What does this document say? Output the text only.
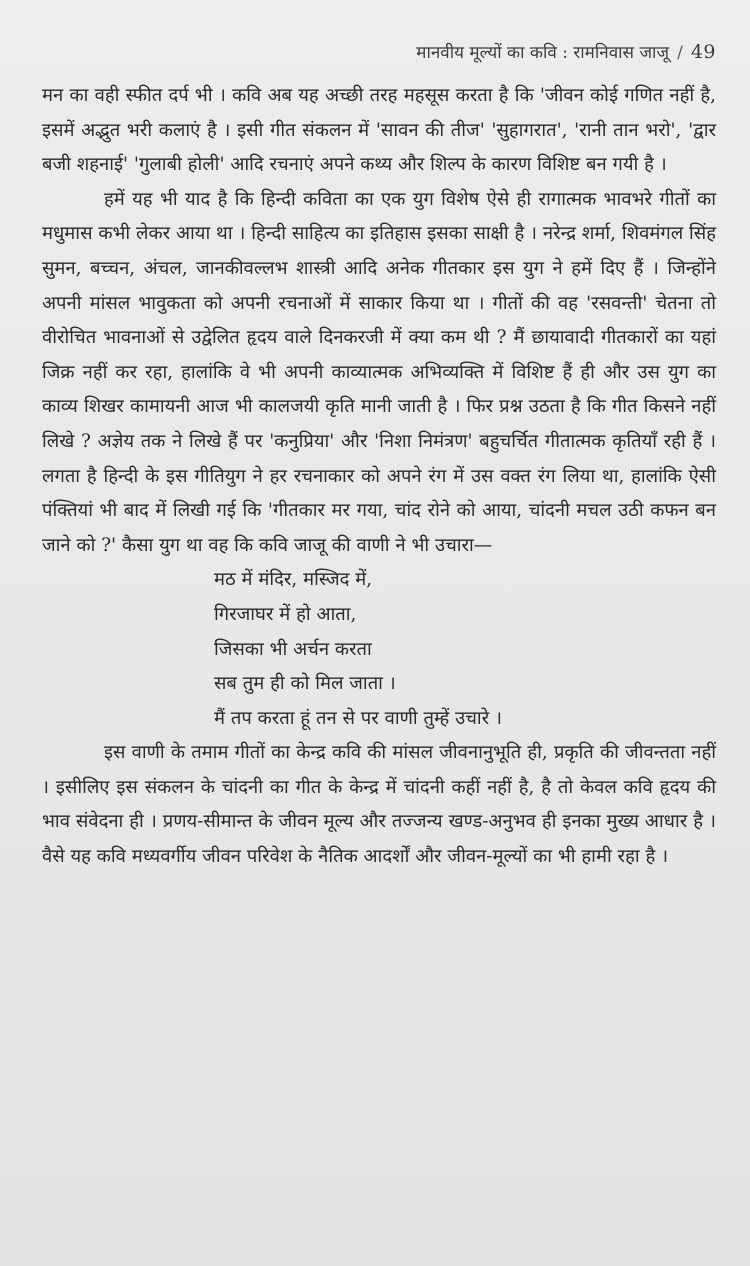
मानवीय मूल्यों का कवि : रामनिवास जाजू / 49

मन का वही स्फीत दर्प भी । कवि अब यह अच्छी तरह महसूस करता है कि 'जीवन कोई गणित नहीं है, इसमें अद्भुत भरी कलाएं है । इसी गीत संकलन में 'सावन की तीज' 'सुहागरात', 'रानी तान भरो', 'द्वार बजी शहनाई' 'गुलाबी होली' आदि रचनाएं अपने कथ्य और शिल्प के कारण विशिष्ट बन गयी है ।

हमें यह भी याद है कि हिन्दी कविता का एक युग विशेष ऐसे ही रागात्मक भावभरे गीतों का मधुमास कभी लेकर आया था । हिन्दी साहित्य का इतिहास इसका साक्षी है । नरेन्द्र शर्मा, शिवमंगल सिंह सुमन, बच्चन, अंचल, जानकीवल्लभ शास्त्री आदि अनेक गीतकार इस युग ने हमें दिए हैं । जिन्होंने अपनी मांसल भावुकता को अपनी रचनाओं में साकार किया था । गीतों की वह 'रसवन्ती' चेतना तो वीरोचित भावनाओं से उद्वेलित हृदय वाले दिनकरजी में क्या कम थी ? मैं छायावादी गीतकारों का यहां जिक्र नहीं कर रहा, हालांकि वे भी अपनी काव्यात्मक अभिव्यक्ति में विशिष्ट हैं ही और उस युग का काव्य शिखर कामायनी आज भी कालजयी कृति मानी जाती है । फिर प्रश्न उठता है कि गीत किसने नहीं लिखे ? अज्ञेय तक ने लिखे हैं पर 'कनुप्रिया' और 'निशा निमंत्रण' बहुचर्चित गीतात्मक कृतियाँ रही हैं । लगता है हिन्दी के इस गीतियुग ने हर रचनाकार को अपने रंग में उस वक्त रंग लिया था, हालांकि ऐसी पंक्तियां भी बाद में लिखी गई कि 'गीतकार मर गया, चांद रोने को आया, चांदनी मचल उठी कफन बन जाने को ?' कैसा युग था वह कि कवि जाजू की वाणी ने भी उचारा—

मठ में मंदिर, मस्जिद में,
गिरजाघर में हो आता,
जिसका भी अर्चन करता
सब तुम ही को मिल जाता ।
मैं तप करता हूं तन से पर वाणी तुम्हें उचारे ।

इस वाणी के तमाम गीतों का केन्द्र कवि की मांसल जीवनानुभूति ही, प्रकृति की जीवन्तता नहीं । इसीलिए इस संकलन के चांदनी का गीत के केन्द्र में चांदनी कहीं नहीं है, है तो केवल कवि हृदय की भाव संवेदना ही । प्रणय-सीमान्त के जीवन मूल्य और तज्जन्य खण्ड-अनुभव ही इनका मुख्य आधार है । वैसे यह कवि मध्यवर्गीय जीवन परिवेश के नैतिक आदर्शों और जीवन-मूल्यों का भी हामी रहा है ।
